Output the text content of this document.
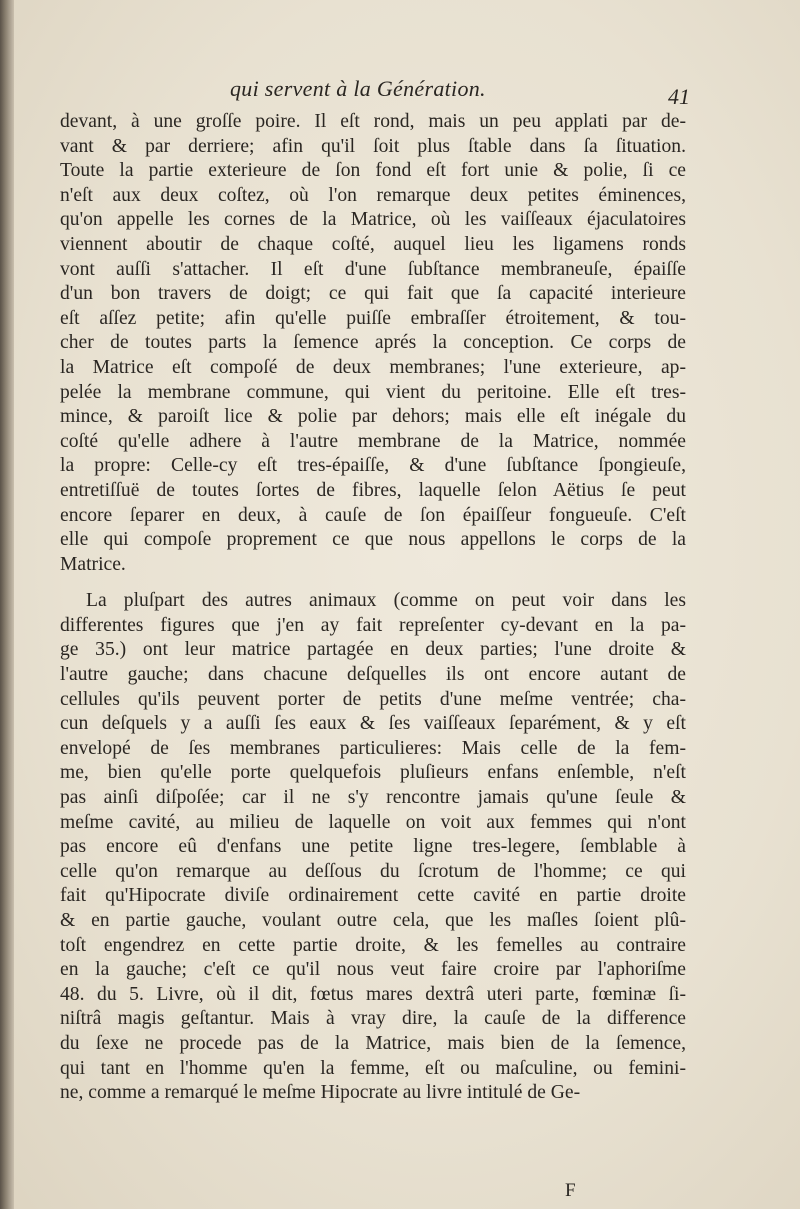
qui servent à la Génération.	41
devant, à une groſſe poire. Il eſt rond, mais un peu applati par de-
vant & par derriere; afin qu'il ſoit plus ſtable dans ſa ſituation.
Toute la partie exterieure de ſon fond eſt fort unie & polie, ſi ce
n'eſt aux deux coſtez, où l'on remarque deux petites éminences,
qu'on appelle les cornes de la Matrice, où les vaiſſeaux éjaculatoires
viennent aboutir de chaque coſté, auquel lieu les ligamens ronds
vont auſſi s'attacher. Il eſt d'une ſubſtance membraneuſe, épaiſſe
d'un bon travers de doigt; ce qui fait que ſa capacité interieure
eſt aſſez petite; afin qu'elle puiſſe embraſſer étroitement, & tou-
cher de toutes parts la ſemence aprés la conception. Ce corps de
la Matrice eſt compoſé de deux membranes; l'une exterieure, ap-
pelée la membrane commune, qui vient du peritoine. Elle eſt tres-
mince, & paroiſt lice & polie par dehors; mais elle eſt inégale du
coſté qu'elle adhere à l'autre membrane de la Matrice, nommée
la propre: Celle-cy eſt tres-épaiſſe, & d'une ſubſtance ſpongieuſe,
entretiſſuë de toutes ſortes de fibres, laquelle ſelon Aëtius ſe peut
encore ſeparer en deux, à cauſe de ſon épaiſſeur fongueuſe. C'eſt
elle qui compoſe proprement ce que nous appellons le corps de la
Matrice.
La pluſpart des autres animaux (comme on peut voir dans les
differentes figures que j'en ay fait repreſenter cy-devant en la pa-
ge 35.) ont leur matrice partagée en deux parties; l'une droite &
l'autre gauche; dans chacune deſquelles ils ont encore autant de
cellules qu'ils peuvent porter de petits d'une meſme ventrée; cha-
cun deſquels y a auſſi ſes eaux & ſes vaiſſeaux ſeparément, & y eſt
envelopé de ſes membranes particulieres: Mais celle de la fem-
me, bien qu'elle porte quelquefois pluſieurs enfans enſemble, n'eſt
pas ainſi diſpoſée; car il ne s'y rencontre jamais qu'une ſeule &
meſme cavité, au milieu de laquelle on voit aux femmes qui n'ont
pas encore eû d'enfans une petite ligne tres-legere, ſemblable à
celle qu'on remarque au deſſous du ſcrotum de l'homme; ce qui
fait qu'Hipocrate diviſe ordinairement cette cavité en partie droite
& en partie gauche, voulant outre cela, que les maſles ſoient plû-
toſt engendrez en cette partie droite, & les femelles au contraire
en la gauche; c'eſt ce qu'il nous veut faire croire par l'aphoriſme
48. du 5. Livre, où il dit, fœtus mares dextrâ uteri parte, fœminæ ſi-
niſtrâ magis geſtantur. Mais à vray dire, la cauſe de la difference
du ſexe ne procede pas de la Matrice, mais bien de la ſemence,
qui tant en l'homme qu'en la femme, eſt ou maſculine, ou femini-
ne, comme a remarqué le meſme Hipocrate au livre intitulé de Ge-
F
